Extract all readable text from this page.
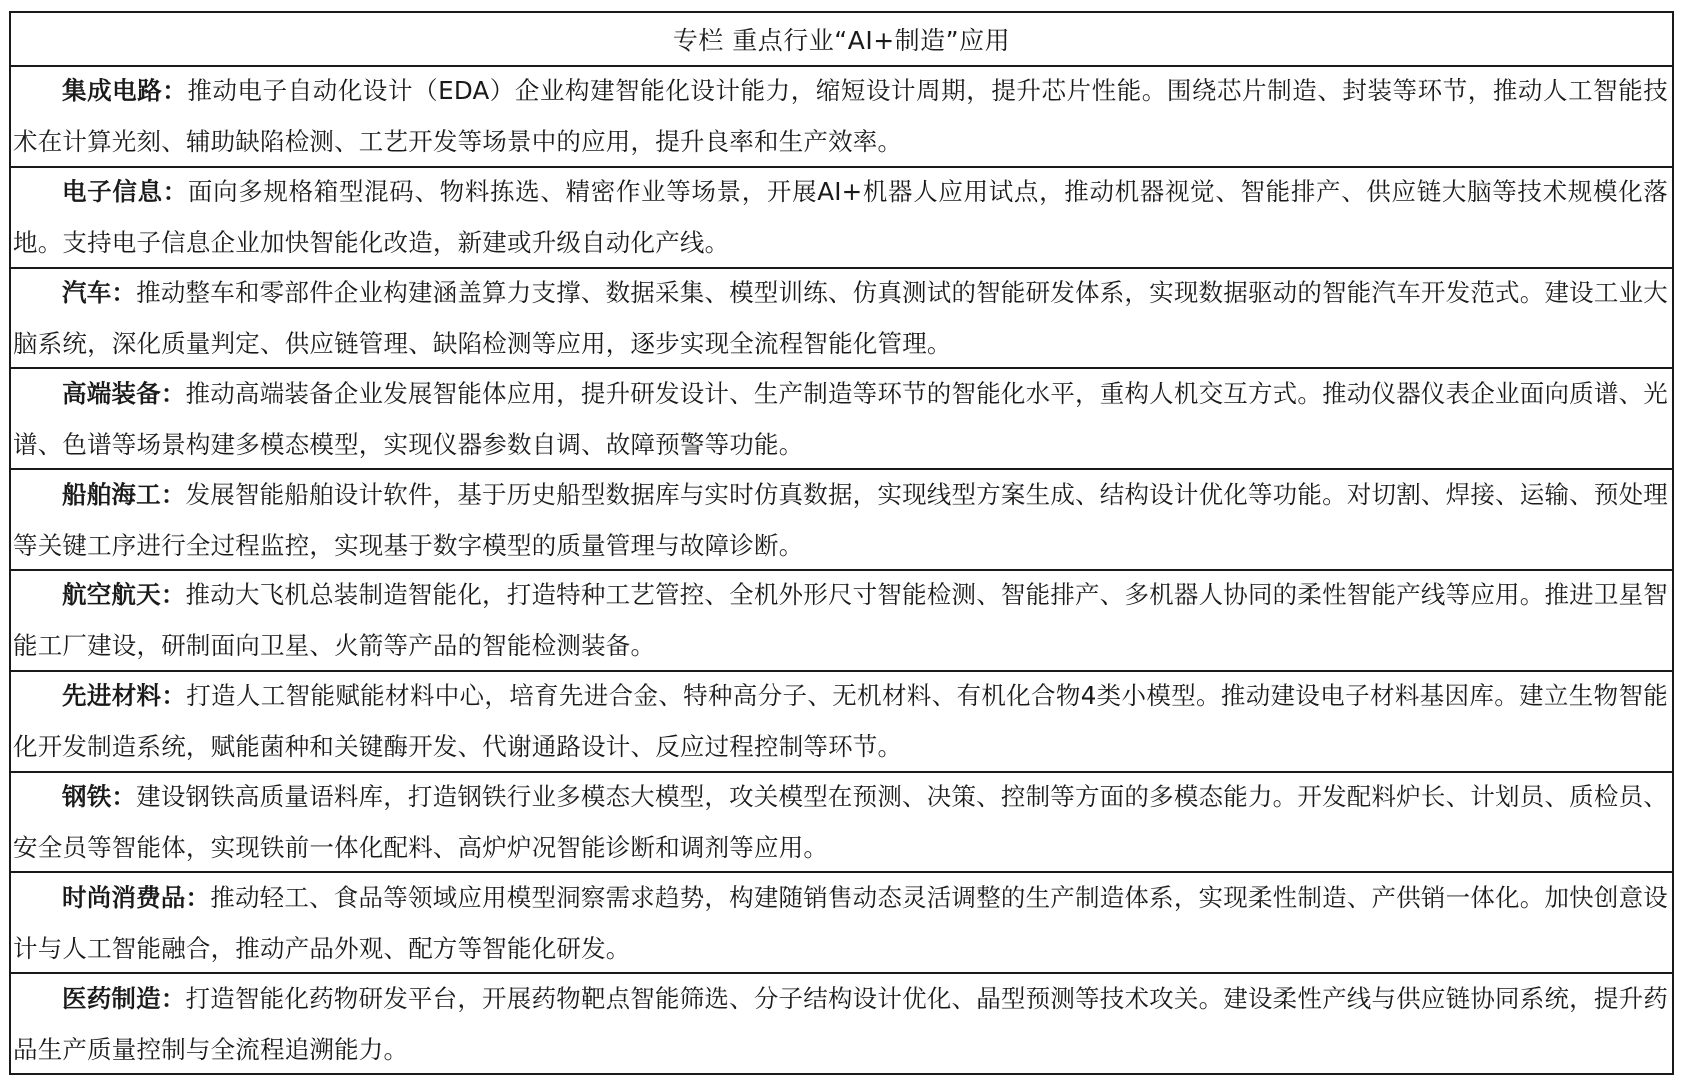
专栏 重点行业“AI+制造”应用

集成电路：推动电子自动化设计（EDA）企业构建智能化设计能力，缩短设计周期，提升芯片性能。围绕芯片制造、封装等环节，推动人工智能技术在计算光刻、辅助缺陷检测、工艺开发等场景中的应用，提升良率和生产效率。

电子信息：面向多规格箱型混码、物料拣选、精密作业等场景，开展AI+机器人应用试点，推动机器视觉、智能排产、供应链大脑等技术规模化落地。支持电子信息企业加快智能化改造，新建或升级自动化产线。

汽车：推动整车和零部件企业构建涵盖算力支撑、数据采集、模型训练、仿真测试的智能研发体系，实现数据驱动的智能汽车开发范式。建设工业大脑系统，深化质量判定、供应链管理、缺陷检测等应用，逐步实现全流程智能化管理。

高端装备：推动高端装备企业发展智能体应用，提升研发设计、生产制造等环节的智能化水平，重构人机交互方式。推动仪器仪表企业面向质谱、光谱、色谱等场景构建多模态模型，实现仪器参数自调、故障预警等功能。

船舶海工：发展智能船舶设计软件，基于历史船型数据库与实时仿真数据，实现线型方案生成、结构设计优化等功能。对切割、焊接、运输、预处理等关键工序进行全过程监控，实现基于数字模型的质量管理与故障诊断。

航空航天：推动大飞机总装制造智能化，打造特种工艺管控、全机外形尺寸智能检测、智能排产、多机器人协同的柔性智能产线等应用。推进卫星智能工厂建设，研制面向卫星、火箭等产品的智能检测装备。

先进材料：打造人工智能赋能材料中心，培育先进合金、特种高分子、无机材料、有机化合物4类小模型。推动建设电子材料基因库。建立生物智能化开发制造系统，赋能菌种和关键酶开发、代谢通路设计、反应过程控制等环节。

钢铁：建设钢铁高质量语料库，打造钢铁行业多模态大模型，攻关模型在预测、决策、控制等方面的多模态能力。开发配料炉长、计划员、质检员、安全员等智能体，实现铁前一体化配料、高炉炉况智能诊断和调剂等应用。

时尚消费品：推动轻工、食品等领域应用模型洞察需求趋势，构建随销售动态灵活调整的生产制造体系，实现柔性制造、产供销一体化。加快创意设计与人工智能融合，推动产品外观、配方等智能化研发。

医药制造：打造智能化药物研发平台，开展药物靶点智能筛选、分子结构设计优化、晶型预测等技术攻关。建设柔性产线与供应链协同系统，提升药品生产质量控制与全流程追溯能力。
